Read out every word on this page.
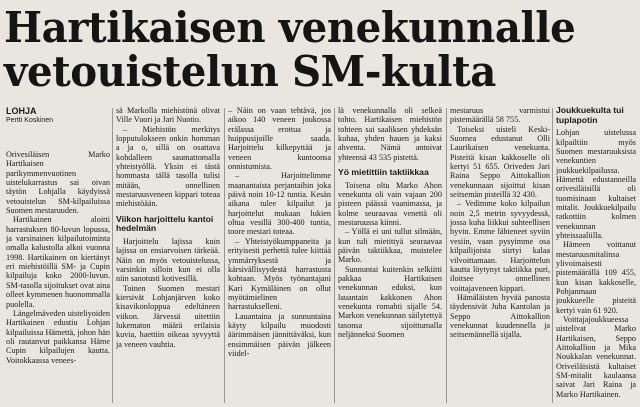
Hartikaisen venekunnalle
vetouistelun SM-kulta
LOHJA
Pertti Koskinen

Orivesiläisen Marko Hartikaisen parikymmenvuotinen uistelukarrastus sai oivan täytön Lohjalla käydyissä vetouistelun SM-kilpailuissa Suomen mestaruuden.

Hartikainen aloitti harrastuksen 80-luvun lopussa, ja varsinainen kilpailutoiminta omalla kalustolla alkoi vuonna 1998. Hartikainen on kiertänyt eri miehistöillä SM- ja Cupin kilpailuja koko 2000-luvun. SM-tasolla sijoitukset ovat aina olleet kymmenen huonommalla puolella.

Längelmäveden uisteliyoiden Hartikainen edustiu Lohjan kilpailuissa Hämettä, johon hän oli rautanvut paikkansa Häme Cupin kilpailujen kautta. Voitokkaassa venees-

sä Markolla miehistönä olivat Ville Vuori ja Jari Nuotio.

– Miehistön merkitys lopputulokseen onkin homman a ja o, sillä on osattava kohdalleen saumattomalla yhteistyöllä. Yksin ei tästä hommasta tällä tasolla tulisi mitään, onnellinen mestaruusveneen kippari toteaa miehistöään.

Viikon harjoittelu kantoi hedelmän

Harjoittelu lajissa kuin lajissa on ensiarvoisen tärkeää. Näin on myös vetouistelussa, varsinkin silloin kun ei olla niin sanotusti kotivesillä.

Toinen Suomen mestari kiersivät Lohjanjärven koko kisavikonloppua edeltäneen viikon. Järvessä uitettiin lukematon määrä erilaisia kuvia, haettiin oikeaa syvyyttä ja veneen vauhtia.

– Näin on vaan tehtävä, jos aikoo 140 veneen joukossa erälassa erottua ja huippusijoille saada. Harjoittelu kilkepyttää ja veneen kuntoonsa onnistumista.

– Harjoittelimme maanantaista perjantaihin joka päivä noin 10-12 tuntia. Kesän aikana tulee kilpailut ja harjoittelut mukaan lukien oltua vesillä 300-400 tuntia, toore mestari toteaa.

– Yhteistyökumppaneita ja erityisesti perhettä tulee kiittää ymmärryksestä ja kärsivällisyydestä harrastusta kohtaan. Myös työnantajani Kari Kymäläinen on ollut myötämielinen harrastukselleni.

Lauantaina ja sunnuntaina käyty kilpailu muodosti äärimmäisen jännittäväksi, kun ensimmäisen päivän jälkeen viidel-

lä venekunnalla oli selkeä tohto. Hartikaisen miehistön tohteen sai saaliksen yhdeksän kuhaa, yhden hauen ja kaksi ahventa. Nämä antoivat yhteensä 43 535 pistettä.

Yö mietittiin taktiikkaa

Toisena oltu Marko Ahon venekunta oli vain vajaan 200 pisteen päässä vaanimassa, ja kolme seuraavaa venettä oli mestaruussa kiinni.

– Yöllä ei uni tullut silmään, kun tuli mietittyä seuraavaa päivän taktiikkaa, muistelee Marko.

Sunnuntai kuitenkin selkiitti pakkaa Hartikaisen venekunnan eduksi, kun lauantain kakkonen Ahon venekunta romahti sijalle 54. Markon venekunnan säilytettyä tasonsa sijoittumalla neljänneksi Suomen

mestaruus varmistui pistemäärällä 58 755.

Toiseksi uisteli Keski-Suomea edustanut Olli Laurikaisen venekunta. Pisteitä kisan kakkoselle oli kertyi 51 655. Oriveden Jari Raina Seppo Aittokallion venekunnaan sijoittui kisan seitsemän pisteillä 32 430.

– Vedimme koko kilpailun noin 2,5 metrin syvyydessä, jossa kuha liikkui suhteellisen hyvin. Emme lähteneet syviin vesiin, vaan pysyimme osa kilpailijoista siirtyi kalaa vilvoittamaan. Harjoittelun kautta löytynyt taktiikka puri, iloitsee onnellinen voittajaveneen kippari.

Hämäläisten hyvää panosta täydensivät Juha Kantolan ja Seppo Aittokallion venekunnat kuudennella ja seitsemännellä sijalla.

Joukkuekulta tui tuplapotin

Lohjan uistelussa kilpailtiin myös Suomen mestaruuksista venekuntien joukkuekilpailussa. Hämettä edustanneilla orivesiläisillä oli tuomisinaan kultaiset mitalit. Joukkuekilpailu ratkottiin kolmen venekunnan yhteissaaliilla.

Hämeen voittanut mestaruusmitalinsa ylivoimaisesti pistemäärällä 109 455, kun kisan kakkoselle, Pohjanmaan joukkueelle pisteitä kertyi vain 61 920.

Voittajajoukkueessa uistelivat Marko Hartikaisen, Seppo Aittokallion ja Mika Noukkalan venekunnat. Oriveiläisistä kultaiset SM-mitalit kaulaansa saivat Jari Raina ja Marko Hartikainen.
